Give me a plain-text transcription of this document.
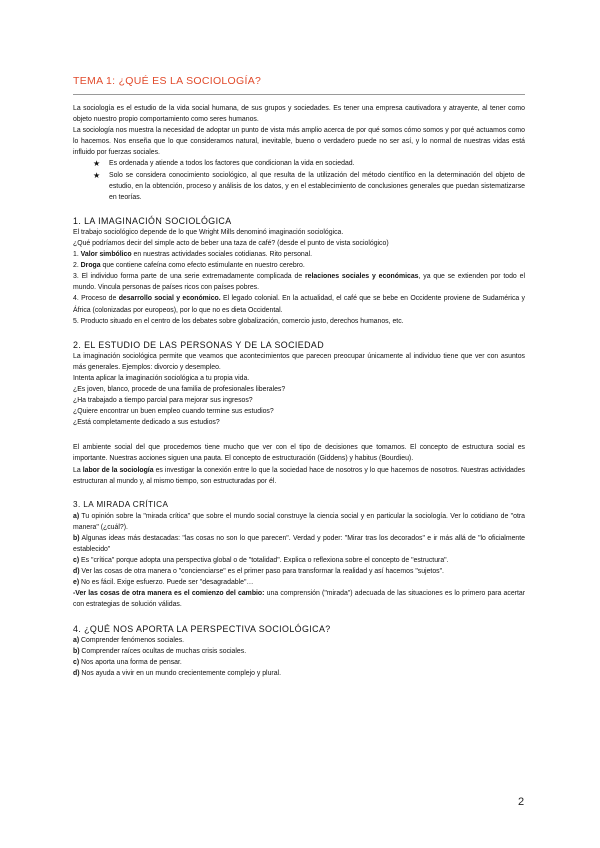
TEMA 1: ¿QUÉ ES LA SOCIOLOGÍA?

La sociología es el estudio de la vida social humana, de sus grupos y sociedades. Es tener una empresa cautivadora y atrayente, al tener como objeto nuestro propio comportamiento como seres humanos.

La sociología nos muestra la necesidad de adoptar un punto de vista más amplio acerca de por qué somos cómo somos y por qué actuamos como lo hacemos. Nos enseña que lo que consideramos natural, inevitable, bueno o verdadero puede no ser así, y lo normal de nuestras vidas está influido por fuerzas sociales.

★ Es ordenada y atiende a todos los factores que condicionan la vida en sociedad.
★ Solo se considera conocimiento sociológico, al que resulta de la utilización del método científico en la determinación del objeto de estudio, en la obtención, proceso y análisis de los datos, y en el establecimiento de conclusiones generales que puedan sistematizarse en teorías.
1. LA IMAGINACIÓN SOCIOLÓGICA

El trabajo sociológico depende de lo que Wright Mills denominó imaginación sociológica.

¿Qué podríamos decir del simple acto de beber una taza de café? (desde el punto de vista sociológico)

1. Valor simbólico en nuestras actividades sociales cotidianas. Rito personal.

2. Droga que contiene cafeína como efecto estimulante en nuestro cerebro.

3. El individuo forma parte de una serie extremadamente complicada de relaciones sociales y económicas, ya que se extienden por todo el mundo. Vincula personas de países ricos con países pobres.

4. Proceso de desarrollo social y económico. El legado colonial. En la actualidad, el café que se bebe en Occidente proviene de Sudamérica y África (colonizadas por europeos), por lo que no es dieta Occidental.

5. Producto situado en el centro de los debates sobre globalización, comercio justo, derechos humanos, etc.

2. EL ESTUDIO DE LAS PERSONAS Y DE LA SOCIEDAD

La imaginación sociológica permite que veamos que acontecimientos que parecen preocupar únicamente al individuo tiene que ver con asuntos más generales. Ejemplos: divorcio y desempleo.

Intenta aplicar la imaginación sociológica a tu propia vida.

¿Es joven, blanco, procede de una familia de profesionales liberales?

¿Ha trabajado a tiempo parcial para mejorar sus ingresos?

¿Quiere encontrar un buen empleo cuando termine sus estudios?

¿Está completamente dedicado a sus estudios?

El ambiente social del que procedemos tiene mucho que ver con el tipo de decisiones que tomamos. El concepto de estructura social es importante. Nuestras acciones siguen una pauta. El concepto de estructuración (Giddens) y habitus (Bourdieu).

La labor de la sociología es investigar la conexión entre lo que la sociedad hace de nosotros y lo que hacemos de nosotros. Nuestras actividades estructuran al mundo y, al mismo tiempo, son estructuradas por él.

3. LA MIRADA CRÍTICA

a) Tu opinión sobre la "mirada crítica" que sobre el mundo social construye la ciencia social y en particular la sociología. Ver lo cotidiano de "otra manera" (¿cuál?).

b) Algunas ideas más destacadas: "las cosas no son lo que parecen". Verdad y poder: "Mirar tras los decorados" e ir más allá de "lo oficialmente establecido"

c) Es "crítica" porque adopta una perspectiva global o de "totalidad". Explica o reflexiona sobre el concepto de "estructura".

d) Ver las cosas de otra manera o "concienciarse" es el primer paso para transformar la realidad y así hacemos "sujetos".

e) No es fácil. Exige esfuerzo. Puede ser "desagradable"…

-Ver las cosas de otra manera es el comienzo del cambio: una comprensión ("mirada") adecuada de las situaciones es lo primero para acertar con estrategias de solución válidas.

4. ¿QUÉ NOS APORTA LA PERSPECTIVA SOCIOLÓGICA?

a) Comprender fenómenos sociales.

b) Comprender raíces ocultas de muchas crisis sociales.

c) Nos aporta una forma de pensar.

d) Nos ayuda a vivir en un mundo crecientemente complejo y plural.

2
